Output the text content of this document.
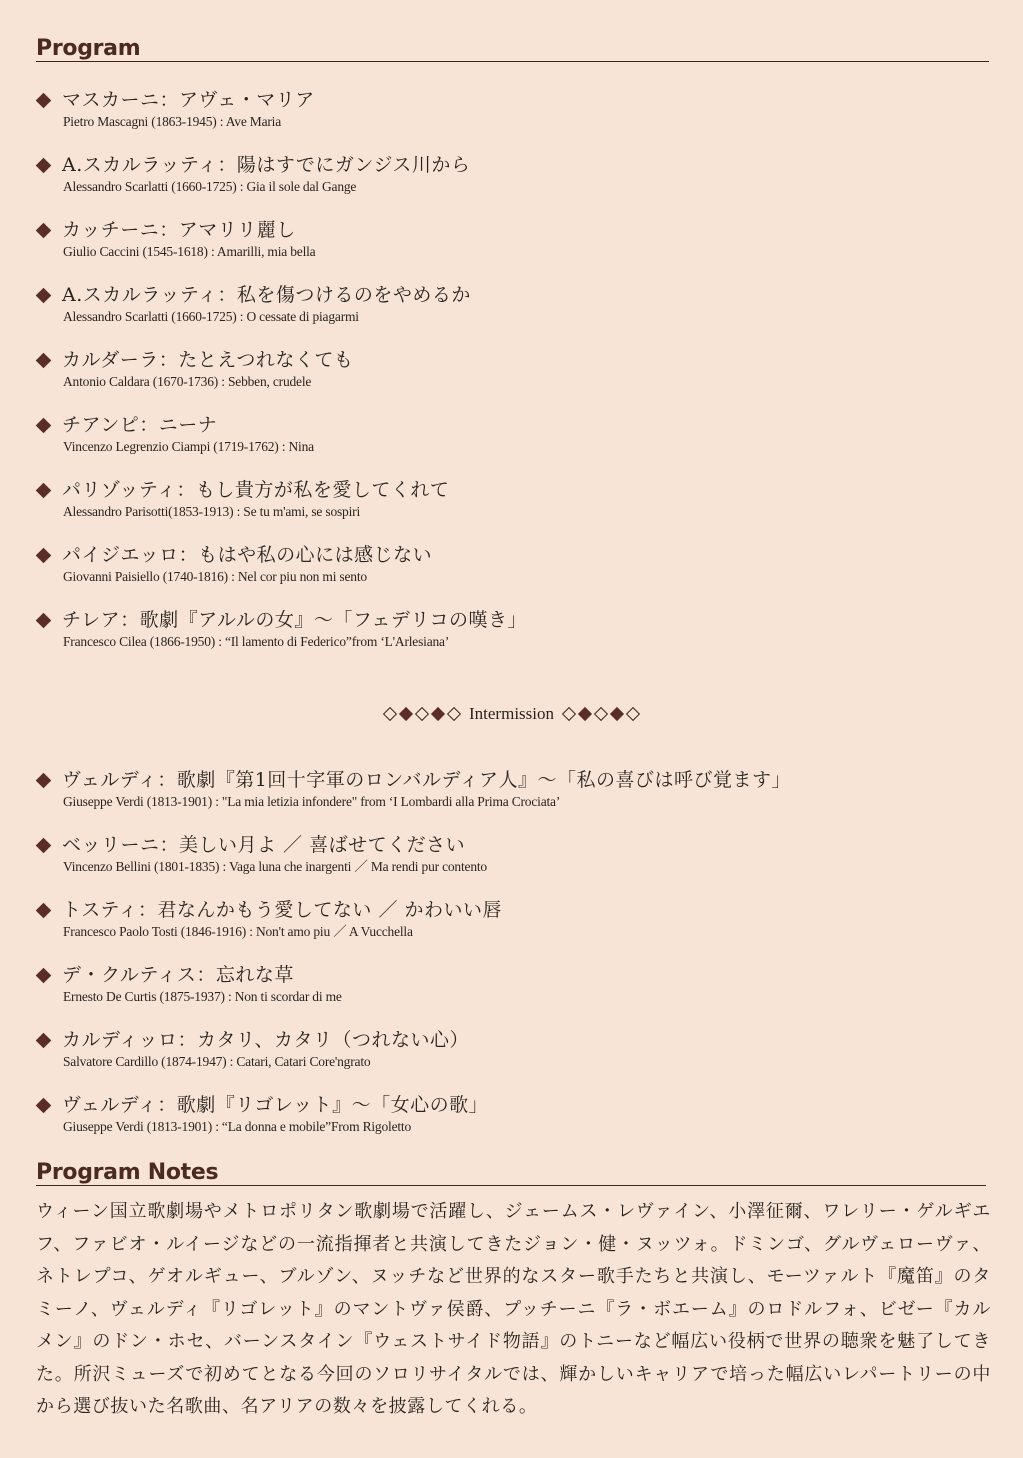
Program
マスカーニ：アヴェ・マリア
Pietro Mascagni (1863-1945) : Ave Maria
A.スカルラッティ：陽はすでにガンジス川から
Alessandro Scarlatti (1660-1725) : Gia il sole dal Gange
カッチーニ：アマリリ麗し
Giulio Caccini (1545-1618) : Amarilli, mia bella
A.スカルラッティ：私を傷つけるのをやめるか
Alessandro Scarlatti (1660-1725) : O cessate di piagarmi
カルダーラ：たとえつれなくても
Antonio Caldara (1670-1736) : Sebben, crudele
チアンピ：ニーナ
Vincenzo Legrenzio Ciampi (1719-1762) : Nina
パリゾッティ：もし貴方が私を愛してくれて
Alessandro Parisotti(1853-1913) : Se tu m'ami, se sospiri
パイジエッロ：もはや私の心には感じない
Giovanni Paisiello (1740-1816) : Nel cor piu non mi sento
チレア：歌劇『アルルの女』～「フェデリコの嘆き」
Francesco Cilea (1866-1950) : “Il lamento di Federico”from ‘L'Arlesiana’
Intermission
ヴェルディ：歌劇『第1回十字軍のロンバルディア人』～「私の喜びは呼び覚ます」
Giuseppe Verdi (1813-1901) : "La mia letizia infondere" from ‘I Lombardi alla Prima Crociata’
ベッリーニ：美しい月よ ／ 喜ばせてください
Vincenzo Bellini (1801-1835) : Vaga luna che inargenti ／ Ma rendi pur contento
トスティ：君なんかもう愛してない ／ かわいい唇
Francesco Paolo Tosti (1846-1916) : Non't amo piu ／ A Vucchella
デ・クルティス：忘れな草
Ernesto De Curtis (1875-1937) : Non ti scordar di me
カルディッロ：カタリ、カタリ（つれない心）
Salvatore Cardillo (1874-1947) : Catari, Catari Core'ngrato
ヴェルディ：歌劇『リゴレット』～「女心の歌」
Giuseppe Verdi (1813-1901) : “La donna e mobile”From Rigoletto
Program Notes
ウィーン国立歌劇場やメトロポリタン歌劇場で活躍し、ジェームス・レヴァイン、小澤征爾、ワレリー・ゲルギエフ、ファビオ・ルイージなどの一流指揮者と共演してきたジョン・健・ヌッツォ。ドミンゴ、グルヴェローヴァ、ネトレプコ、ゲオルギュー、ブルゾン、ヌッチなど世界的なスター歌手たちと共演し、モーツァルト『魔笛』のタミーノ、ヴェルディ『リゴレット』のマントヴァ侯爵、プッチーニ『ラ・ボエーム』のロドルフォ、ビゼー『カルメン』のドン・ホセ、バーンスタイン『ウェストサイド物語』のトニーなど幅広い役柄で世界の聴衆を魅了してきた。所沢ミューズで初めてとなる今回のソロリサイタルでは、輝かしいキャリアで培った幅広いレパートリーの中から選び抜いた名歌曲、名アリアの数々を披露してくれる。
